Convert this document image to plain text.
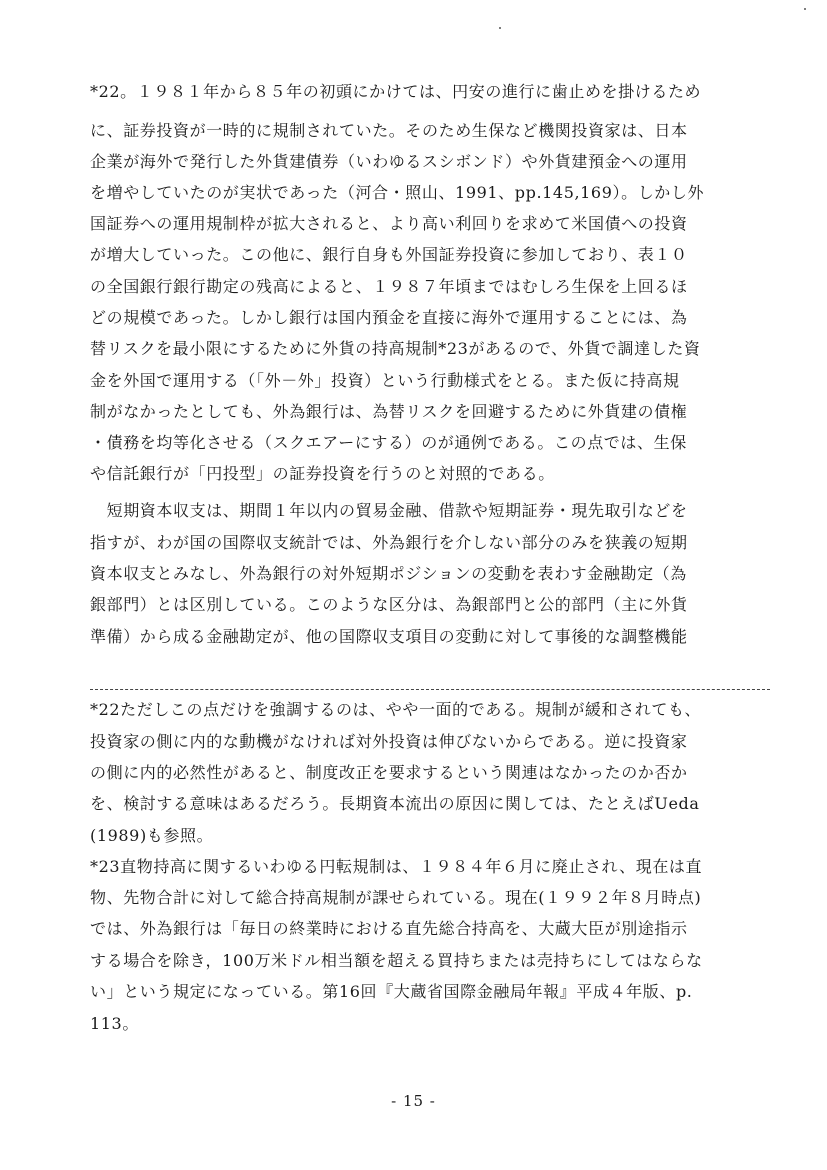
*22。１９８１年から８５年の初頭にかけては、円安の進行に歯止めを掛けるため
に、証券投資が一時的に規制されていた。そのため生保など機関投資家は、日本
企業が海外で発行した外貨建債券（いわゆるスシボンド）や外貨建預金への運用
を増やしていたのが実状であった（河合・照山、1991、pp.145,169）。しかし外
国証券への運用規制枠が拡大されると、より高い利回りを求めて米国債への投資
が増大していった。この他に、銀行自身も外国証券投資に参加しており、表１０
の全国銀行銀行勘定の残高によると、１９８７年頃まではむしろ生保を上回るほ
どの規模であった。しかし銀行は国内預金を直接に海外で運用することには、為
替リスクを最小限にするために外貨の持高規制*23があるので、外貨で調達した資
金を外国で運用する（「外－外」投資）という行動様式をとる。また仮に持高規
制がなかったとしても、外為銀行は、為替リスクを回避するために外貨建の債権
・債務を均等化させる（スクエアーにする）のが通例である。この点では、生保
や信託銀行が「円投型」の証券投資を行うのと対照的である。
　短期資本収支は、期間１年以内の貿易金融、借款や短期証券・現先取引などを
指すが、わが国の国際収支統計では、外為銀行を介しない部分のみを狭義の短期
資本収支とみなし、外為銀行の対外短期ポジションの変動を表わす金融勘定（為
銀部門）とは区別している。このような区分は、為銀部門と公的部門（主に外貨
準備）から成る金融勘定が、他の国際収支項目の変動に対して事後的な調整機能
*22ただしこの点だけを強調するのは、やや一面的である。規制が緩和されても、
投資家の側に内的な動機がなければ対外投資は伸びないからである。逆に投資家
の側に内的必然性があると、制度改正を要求するという関連はなかったのか否か
を、検討する意味はあるだろう。長期資本流出の原因に関しては、たとえばUeda
(1989)も参照。
*23直物持高に関するいわゆる円転規制は、１９８４年６月に廃止され、現在は直
物、先物合計に対して総合持高規制が課せられている。現在(１９９２年８月時点)
では、外為銀行は「毎日の終業時における直先総合持高を、大蔵大臣が別途指示
する場合を除き，100万米ドル相当額を超える買持ちまたは売持ちにしてはならな
い」という規定になっている。第16回『大蔵省国際金融局年報』平成４年版、p.
113。
- 15 -
